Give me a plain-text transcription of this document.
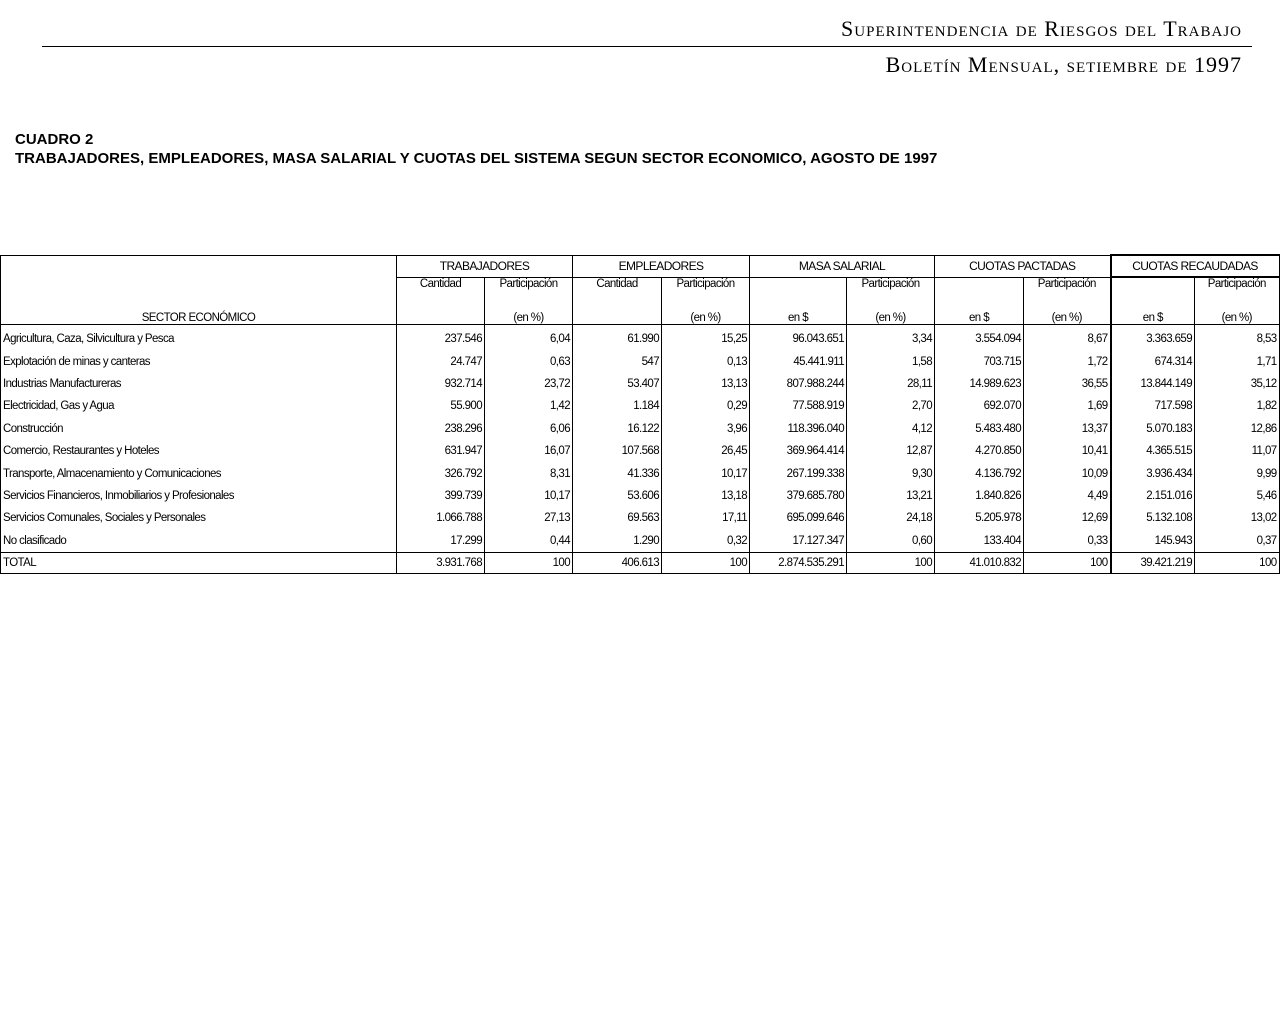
Superintendencia de Riesgos del Trabajo
Boletín Mensual, setiembre de 1997
CUADRO 2
TRABAJADORES, EMPLEADORES, MASA SALARIAL Y CUOTAS DEL SISTEMA SEGUN SECTOR ECONOMICO, AGOSTO DE 1997
SECTOR ECONÓMICO	TRABAJADORES		EMPLEADORES		MASA SALARIAL		CUOTAS PACTADAS		CUOTAS RECAUDADAS	
	Cantidad	Participación	Cantidad	Participación		Participación		Participación		Participación
		(en %)		(en %)	en $	(en %)	en $	(en %)	en $	(en %)
Agricultura, Caza, Silvicultura y Pesca	237.546	6,04	61.990	15,25	96.043.651	3,34	3.554.094	8,67	3.363.659	8,53
Explotación de minas y canteras	24.747	0,63	547	0,13	45.441.911	1,58	703.715	1,72	674.314	1,71
Industrias Manufactureras	932.714	23,72	53.407	13,13	807.988.244	28,11	14.989.623	36,55	13.844.149	35,12
Electricidad, Gas y Agua	55.900	1,42	1.184	0,29	77.588.919	2,70	692.070	1,69	717.598	1,82
Construcción	238.296	6,06	16.122	3,96	118.396.040	4,12	5.483.480	13,37	5.070.183	12,86
Comercio, Restaurantes y Hoteles	631.947	16,07	107.568	26,45	369.964.414	12,87	4.270.850	10,41	4.365.515	11,07
Transporte, Almacenamiento y Comunicaciones	326.792	8,31	41.336	10,17	267.199.338	9,30	4.136.792	10,09	3.936.434	9,99
Servicios Financieros, Inmobiliarios y Profesionales	399.739	10,17	53.606	13,18	379.685.780	13,21	1.840.826	4,49	2.151.016	5,46
Servicios Comunales, Sociales y Personales	1.066.788	27,13	69.563	17,11	695.099.646	24,18	5.205.978	12,69	5.132.108	13,02
No clasificado	17.299	0,44	1.290	0,32	17.127.347	0,60	133.404	0,33	145.943	0,37
TOTAL	3.931.768	100	406.613	100	2.874.535.291	100	41.010.832	100	39.421.219	100
